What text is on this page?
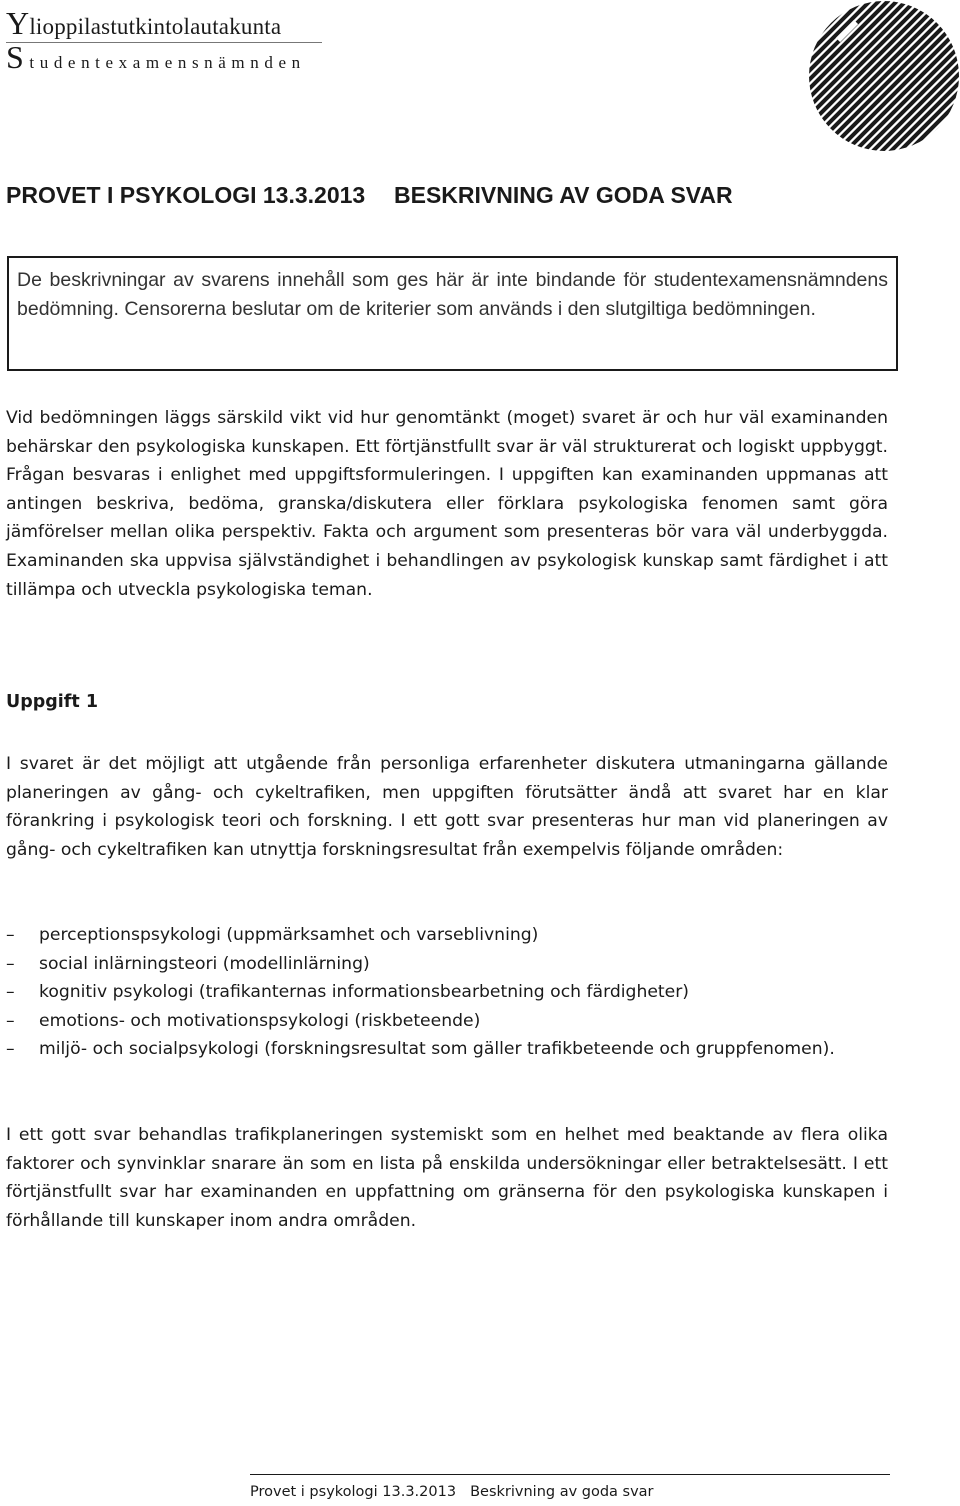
Ylioppilastutkintolautakunta
Studentexamensnämnden
PROVET I PSYKOLOGI 13.3.2013 BESKRIVNING AV GODA SVAR
De beskrivningar av svarens innehåll som ges här är inte bindande för studentexamensnämndens bedömning. Censorerna beslutar om de kriterier som används i den slutgiltiga bedömningen.

Vid bedömningen läggs särskild vikt vid hur genomtänkt (moget) svaret är och hur väl examinanden behärskar den psykologiska kunskapen. Ett förtjänstfullt svar är väl strukturerat och logiskt uppbyggt. Frågan besvaras i enlighet med uppgiftsformuleringen. I uppgiften kan examinanden uppmanas att antingen beskriva, bedöma, granska/diskutera eller förklara psykologiska fenomen samt göra jämförelser mellan olika perspektiv. Fakta och argument som presenteras bör vara väl underbyggda. Examinanden ska uppvisa självständighet i behandlingen av psykologisk kunskap samt färdighet i att tillämpa och utveckla psykologiska teman.

Uppgift 1

I svaret är det möjligt att utgående från personliga erfarenheter diskutera utmaningarna gällande planeringen av gång- och cykeltrafiken, men uppgiften förutsätter ändå att svaret har en klar förankring i psykologisk teori och forskning. I ett gott svar presenteras hur man vid planeringen av gång- och cykeltrafiken kan utnyttja forskningsresultat från exempelvis följande områden:

– perceptionspsykologi (uppmärksamhet och varseblivning)
– social inlärningsteori (modellinlärning)
– kognitiv psykologi (trafikanternas informationsbearbetning och färdigheter)
– emotions- och motivationspsykologi (riskbeteende)
– miljö- och socialpsykologi (forskningsresultat som gäller trafikbeteende och gruppfenomen).

I ett gott svar behandlas trafikplaneringen systemiskt som en helhet med beaktande av flera olika faktorer och synvinklar snarare än som en lista på enskilda undersökningar eller betraktelsesätt. I ett förtjänstfullt svar har examinanden en uppfattning om gränserna för den psykologiska kunskapen i förhållande till kunskaper inom andra områden.

Provet i psykologi 13.3.2013 Beskrivning av goda svar
